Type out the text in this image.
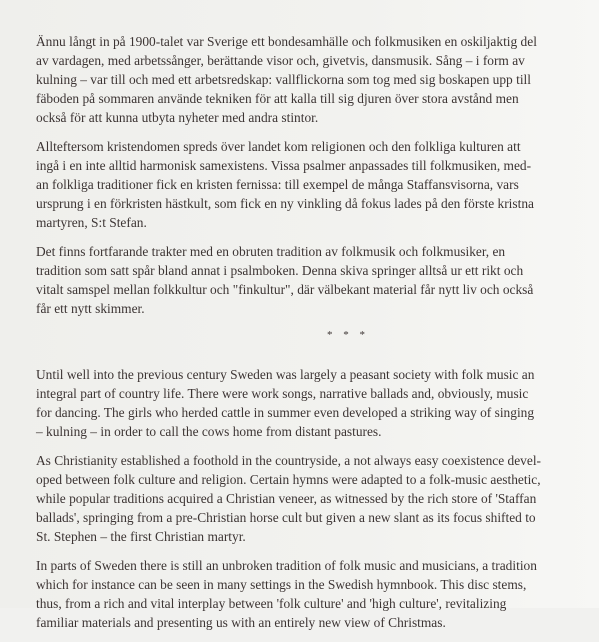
Ännu långt in på 1900-talet var Sverige ett bondesamhälle och folkmusiken en oskiljaktig del
av vardagen, med arbetssånger, berättande visor och, givetvis, dansmusik. Sång – i form av
kulning – var till och med ett arbetsredskap: vallflickorna som tog med sig boskapen upp till
fäboden på sommaren använde tekniken för att kalla till sig djuren över stora avstånd men
också för att kunna utbyta nyheter med andra stintor.
Allteftersom kristendomen spreds över landet kom religionen och den folkliga kulturen att
ingå i en inte alltid harmonisk samexistens. Vissa psalmer anpassades till folkmusiken, med-
an folkliga traditioner fick en kristen fernissa: till exempel de många Staffansvisorna, vars
ursprung i en förkristen hästkult, som fick en ny vinkling då fokus lades på den förste kristna
martyren, S:t Stefan.
Det finns fortfarande trakter med en obruten tradition av folkmusik och folkmusiker, en
tradition som satt spår bland annat i psalmboken. Denna skiva springer alltså ur ett rikt och
vitalt samspel mellan folkkultur och "finkultur", där välbekant material får nytt liv och också
får ett nytt skimmer.
* * *
Until well into the previous century Sweden was largely a peasant society with folk music an
integral part of country life. There were work songs, narrative ballads and, obviously, music
for dancing. The girls who herded cattle in summer even developed a striking way of singing
– kulning – in order to call the cows home from distant pastures.
As Christianity established a foothold in the countryside, a not always easy coexistence devel-
oped between folk culture and religion. Certain hymns were adapted to a folk-music aesthetic,
while popular traditions acquired a Christian veneer, as witnessed by the rich store of 'Staffan
ballads', springing from a pre-Christian horse cult but given a new slant as its focus shifted to
St. Stephen – the first Christian martyr.
In parts of Sweden there is still an unbroken tradition of folk music and musicians, a tradition
which for instance can be seen in many settings in the Swedish hymnbook. This disc stems,
thus, from a rich and vital interplay between 'folk culture' and 'high culture', revitalizing
familiar materials and presenting us with an entirely new view of Christmas.
